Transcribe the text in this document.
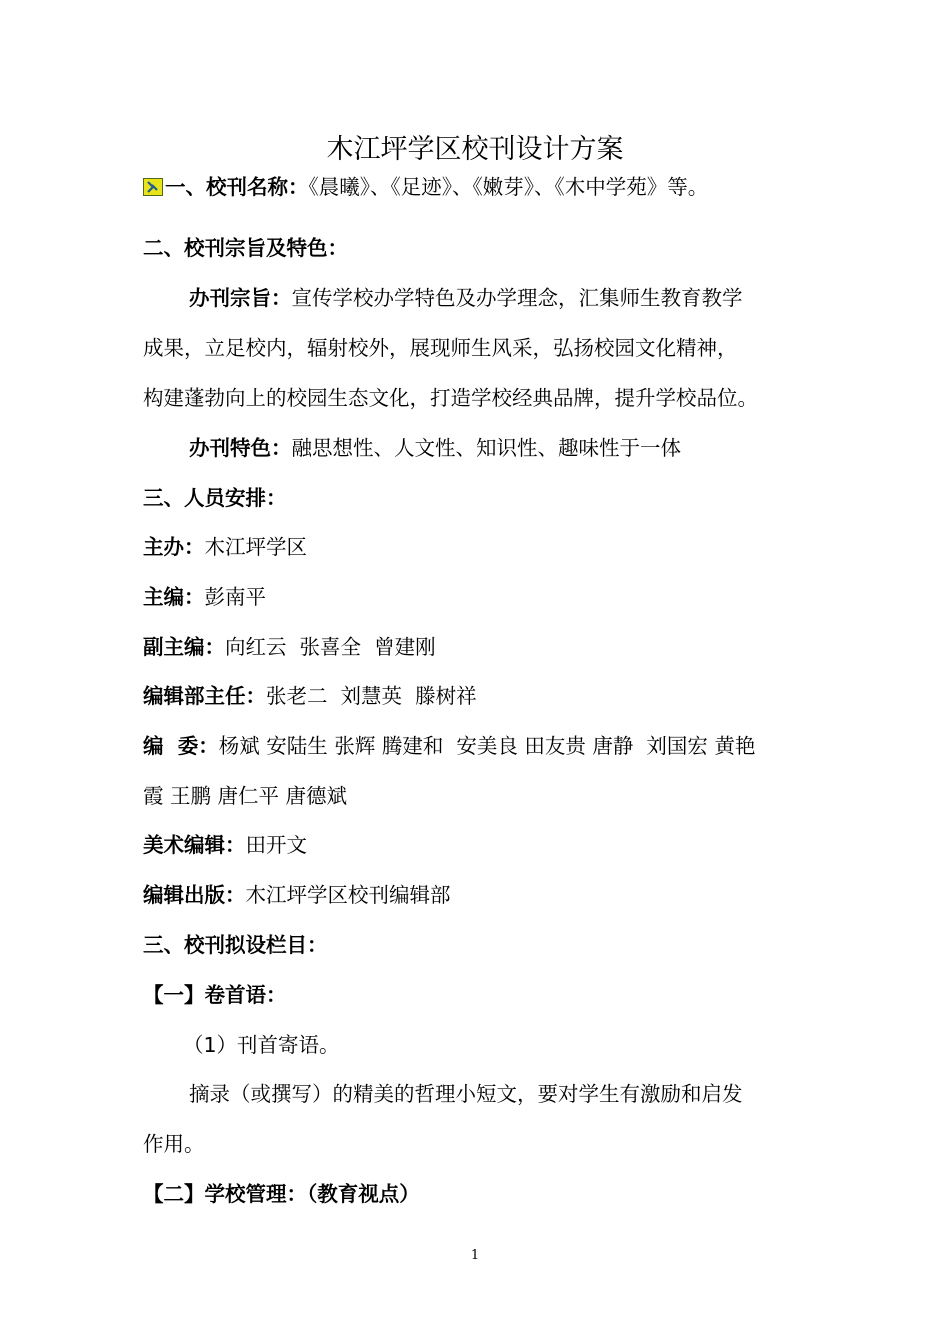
木江坪学区校刊设计方案
一、校刊名称：《晨曦》、《足迹》、《嫩芽》、《木中学苑》等。
二、校刊宗旨及特色：
办刊宗旨：宣传学校办学特色及办学理念，汇集师生教育教学
成果，立足校内，辐射校外，展现师生风采，弘扬校园文化精神，
构建蓬勃向上的校园生态文化，打造学校经典品牌，提升学校品位。
办刊特色：融思想性、人文性、知识性、趣味性于一体
三、人员安排：
主办：木江坪学区
主编：彭南平
副主编：向红云  张喜全  曾建刚
编辑部主任：张老二  刘慧英  滕树祥
编  委：杨斌 安陆生 张辉 腾建和  安美良 田友贵 唐静  刘国宏 黄艳
霞 王鹏 唐仁平 唐德斌
美术编辑：田开文
编辑出版：木江坪学区校刊编辑部
三、校刊拟设栏目：
【一】卷首语：
（1）刊首寄语。
摘录（或撰写）的精美的哲理小短文，要对学生有激励和启发
作用。
【二】学校管理：（教育视点）
1
